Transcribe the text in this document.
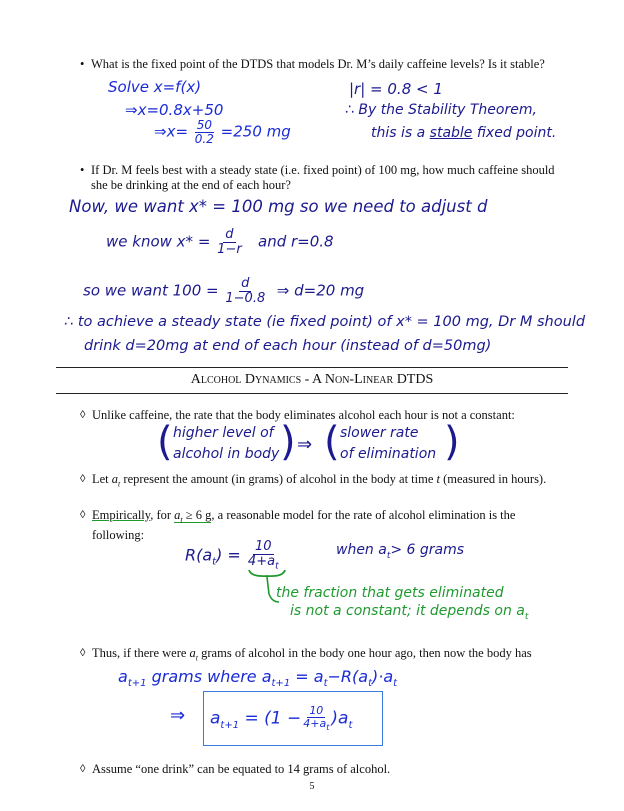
• What is the fixed point of the DTDS that models Dr. M’s daily caffeine levels? Is it stable?
Solve x=f(x)
⇒x=0.8x+50
⇒x= $\frac{50}{0.2} =250$ mg
|r| = 0.8 < 1
∴ By the Stability Theorem,
this is a stable fixed point.
• If Dr. M feels best with a steady state (i.e. fixed point) of 100 mg, how much caffeine should she be drinking at the end of each hour?
Now, we want x* = 100 mg so we need to adjust d
we know $x* = \frac{d}{1-r}$ and r=0.8
so we want $100 = \frac{d}{1-0.8}$ ⇒ d=20 mg
∴ to achieve a steady state (ie fixed point) of x* = 100 mg, Dr M should
drink d=20mg at end of each hour (instead of d=50mg)
Alcohol Dynamics - A Non-Linear DTDS
◊ Unlike caffeine, the rate that the body eliminates alcohol each hour is not a constant:
( higher level of
alcohol in body ) ⇒ ( slower rate
of elimination )
◊ Let $a_t$ represent the amount (in grams) of alcohol in the body at time t (measured in hours).
◊ Empirically, for $a_t \ge 6$ g, a reasonable model for the rate of alcohol elimination is the following:
$R(a_t) = \frac{10}{4+a_t}$	when $a_t> 6$ grams
the fraction that gets eliminated
is not a constant; it depends on $a_t$
◊ Thus, if there were $a_t$ grams of alcohol in the body one hour ago, then now the body has
$a_{t+1}$ grams where $a_{t+1} = a_t-R(a_t)\cdot a_t$
⇒ $a_{t+1} = (1 - \frac{10}{4+a_t} )a_t$
◊ Assume “one drink” can be equated to 14 grams of alcohol.
5
